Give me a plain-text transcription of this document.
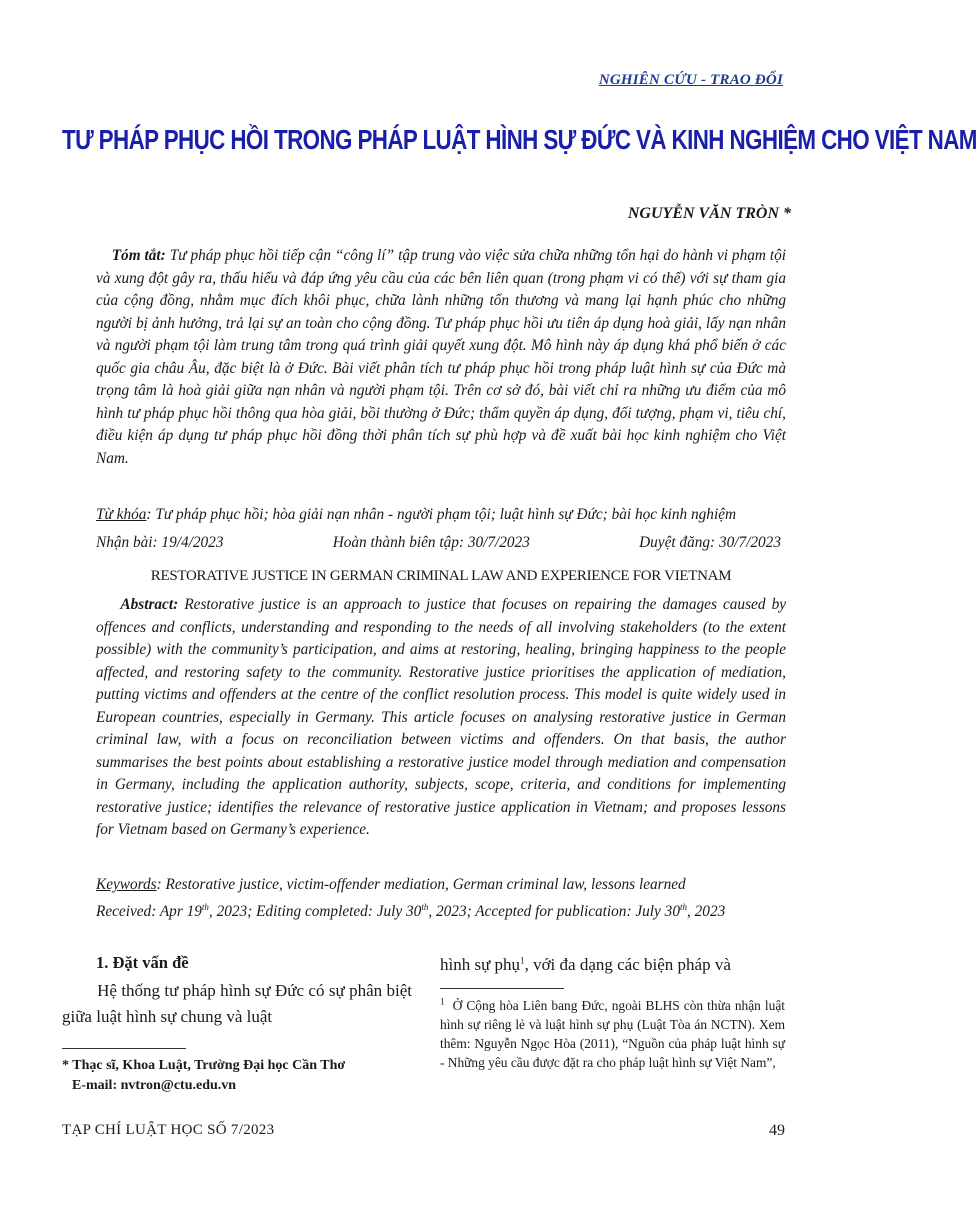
NGHIÊN CỨU - TRAO ĐỔI
TƯ PHÁP PHỤC HỒI TRONG PHÁP LUẬT HÌNH SỰ ĐỨC VÀ KINH NGHIỆM CHO VIỆT NAM
NGUYỄN VĂN TRÒN *
Tóm tắt: Tư pháp phục hồi tiếp cận “công lí” tập trung vào việc sửa chữa những tổn hại do hành vi phạm tội và xung đột gây ra, thấu hiểu và đáp ứng yêu cầu của các bên liên quan (trong phạm vi có thể) với sự tham gia của cộng đồng, nhằm mục đích khôi phục, chữa lành những tổn thương và mang lại hạnh phúc cho những người bị ảnh hưởng, trả lại sự an toàn cho cộng đồng. Tư pháp phục hồi ưu tiên áp dụng hoà giải, lấy nạn nhân và người phạm tội làm trung tâm trong quá trình giải quyết xung đột. Mô hình này áp dụng khá phổ biến ở các quốc gia châu Âu, đặc biệt là ở Đức. Bài viết phân tích tư pháp phục hồi trong pháp luật hình sự của Đức mà trọng tâm là hoà giải giữa nạn nhân và người phạm tội. Trên cơ sở đó, bài viết chỉ ra những ưu điểm của mô hình tư pháp phục hồi thông qua hòa giải, bồi thường ở Đức; thẩm quyền áp dụng, đối tượng, phạm vi, tiêu chí, điều kiện áp dụng tư pháp phục hồi đồng thời phân tích sự phù hợp và đề xuất bài học kinh nghiệm cho Việt Nam.
Từ khóa: Tư pháp phục hồi; hòa giải nạn nhân - người phạm tội; luật hình sự Đức; bài học kinh nghiệm
Nhận bài: 19/4/2023	Hoàn thành biên tập: 30/7/2023	Duyệt đăng: 30/7/2023
RESTORATIVE JUSTICE IN GERMAN CRIMINAL LAW AND EXPERIENCE FOR VIETNAM
Abstract: Restorative justice is an approach to justice that focuses on repairing the damages caused by offences and conflicts, understanding and responding to the needs of all involving stakeholders (to the extent possible) with the community’s participation, and aims at restoring, healing, bringing happiness to the people affected, and restoring safety to the community. Restorative justice prioritises the application of mediation, putting victims and offenders at the centre of the conflict resolution process. This model is quite widely used in European countries, especially in Germany. This article focuses on analysing restorative justice in German criminal law, with a focus on reconciliation between victims and offenders. On that basis, the author summarises the best points about establishing a restorative justice model through mediation and compensation in Germany, including the application authority, subjects, scope, criteria, and conditions for implementing restorative justice; identifies the relevance of restorative justice application in Vietnam; and proposes lessons for Vietnam based on Germany’s experience.
Keywords: Restorative justice, victim-offender mediation, German criminal law, lessons learned
Received: Apr 19th, 2023; Editing completed: July 30th, 2023; Accepted for publication: July 30th, 2023
1. Đặt vấn đề
Hệ thống tư pháp hình sự Đức có sự phân biệt giữa luật hình sự chung và luật
* Thạc sĩ, Khoa Luật, Trường Đại học Cần Thơ
E-mail: nvtron@ctu.edu.vn
hình sự phụ$^1$, với đa dạng các biện pháp và
$^1$ Ở Cộng hòa Liên bang Đức, ngoài BLHS còn thừa nhận luật hình sự riêng lẻ và luật hình sự phụ (Luật Tòa án NCTN). Xem thêm: Nguyễn Ngọc Hòa (2011), “Nguồn của pháp luật hình sự - Những yêu cầu được đặt ra cho pháp luật hình sự Việt Nam”,
TẠP CHÍ LUẬT HỌC SỐ 7/2023	49
